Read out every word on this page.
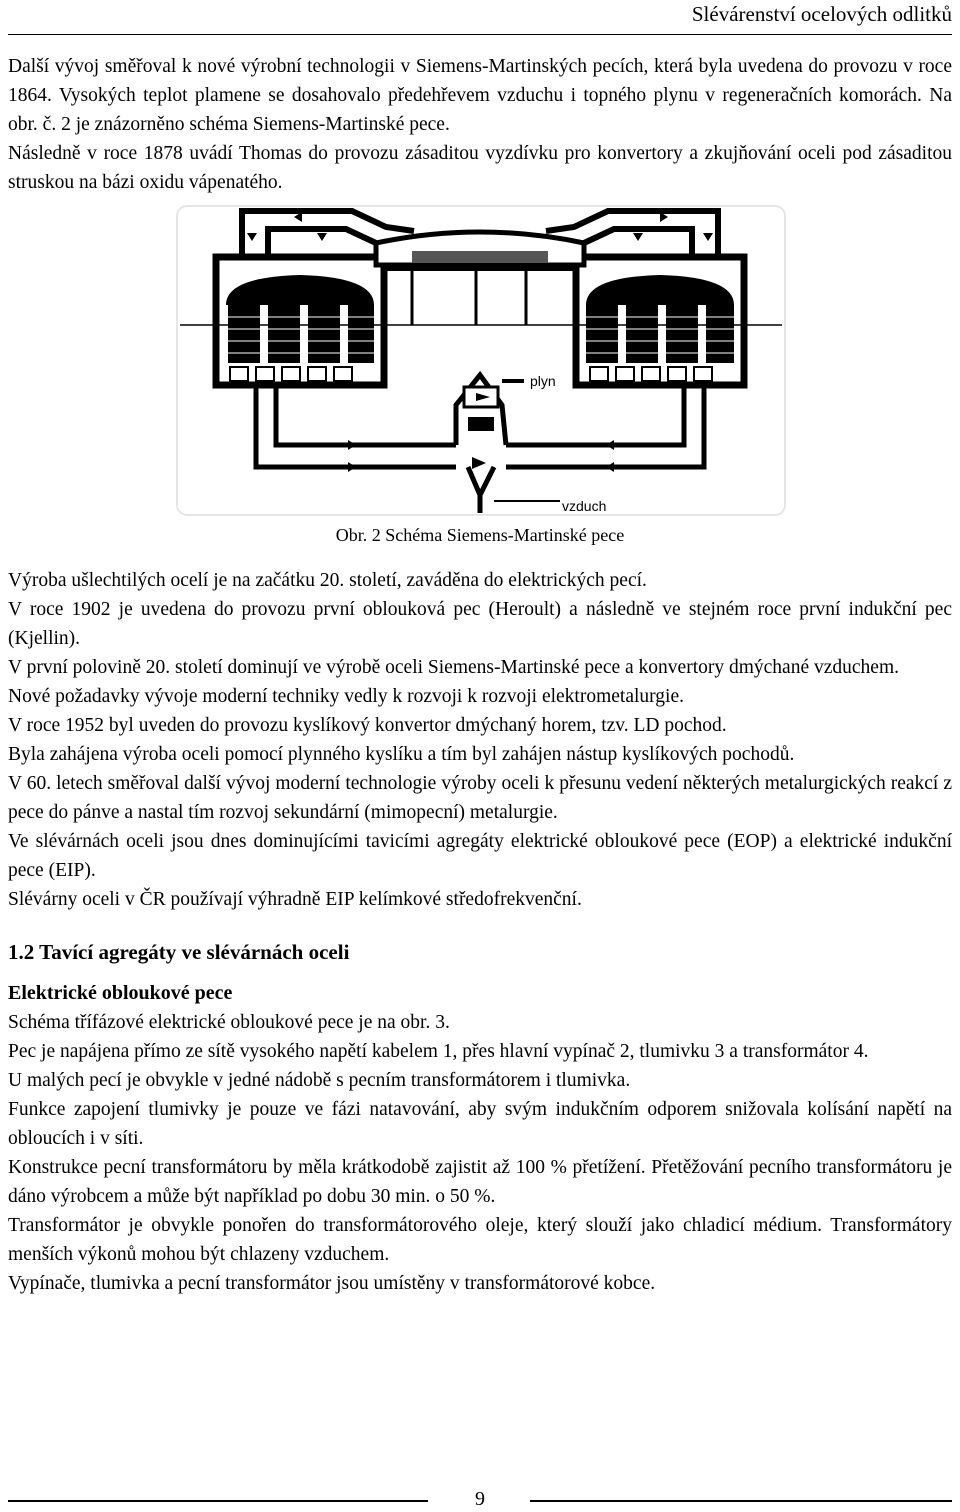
Slévárenství ocelových odlitků

Další vývoj směřoval k nové výrobní technologii v Siemens-Martinských pecích, která byla uvedena do provozu v roce 1864. Vysokých teplot plamene se dosahovalo předehřevem vzduchu i topného plynu v regeneračních komorách. Na obr. č. 2 je znázorněno schéma Siemens-Martinské pece.

Následně v roce 1878 uvádí Thomas do provozu zásaditou vyzdívku pro konvertory a zkujňování oceli pod zásaditou struskou na bázi oxidu vápenatého.

plyn
vzduch
Obr. 2 Schéma Siemens-Martinské pece

Výroba ušlechtilých ocelí je na začátku 20. století, zaváděna do elektrických pecí.

V roce 1902 je uvedena do provozu první oblouková pec (Heroult) a následně ve stejném roce první indukční pec (Kjellin).

V první polovině 20. století dominují ve výrobě oceli Siemens-Martinské pece a konvertory dmýchané vzduchem.

Nové požadavky vývoje moderní techniky vedly k rozvoji k rozvoji elektrometalurgie.

V roce 1952 byl uveden do provozu kyslíkový konvertor dmýchaný horem, tzv. LD pochod.

Byla zahájena výroba oceli pomocí plynného kyslíku a tím byl zahájen nástup kyslíkových pochodů.

V 60. letech směřoval další vývoj moderní technologie výroby oceli k přesunu vedení některých metalurgických reakcí z pece do pánve a nastal tím rozvoj sekundární (mimopecní) metalurgie.

Ve slévárnách oceli jsou dnes dominujícími tavicími agregáty elektrické obloukové pece (EOP) a elektrické indukční pece (EIP).

Slévárny oceli v ČR používají výhradně EIP kelímkové středofrekvenční.

1.2 Tavící agregáty ve slévárnách oceli
Elektrické obloukové pece

Schéma třífázové elektrické obloukové pece je na obr. 3.

Pec je napájena přímo ze sítě vysokého napětí kabelem 1, přes hlavní vypínač 2, tlumivku 3 a transformátor 4.

U malých pecí je obvykle v jedné nádobě s pecním transformátorem i tlumivka.

Funkce zapojení tlumivky je pouze ve fázi natavování, aby svým indukčním odporem snižovala kolísání napětí na obloucích i v síti.

Konstrukce pecní transformátoru by měla krátkodobě zajistit až 100 % přetížení. Přetěžování pecního transformátoru je dáno výrobcem a může být například po dobu 30 min. o 50 %.

Transformátor je obvykle ponořen do transformátorového oleje, který slouží jako chladicí médium. Transformátory menších výkonů mohou být chlazeny vzduchem.

Vypínače, tlumivka a pecní transformátor jsou umístěny v transformátorové kobce.

9
